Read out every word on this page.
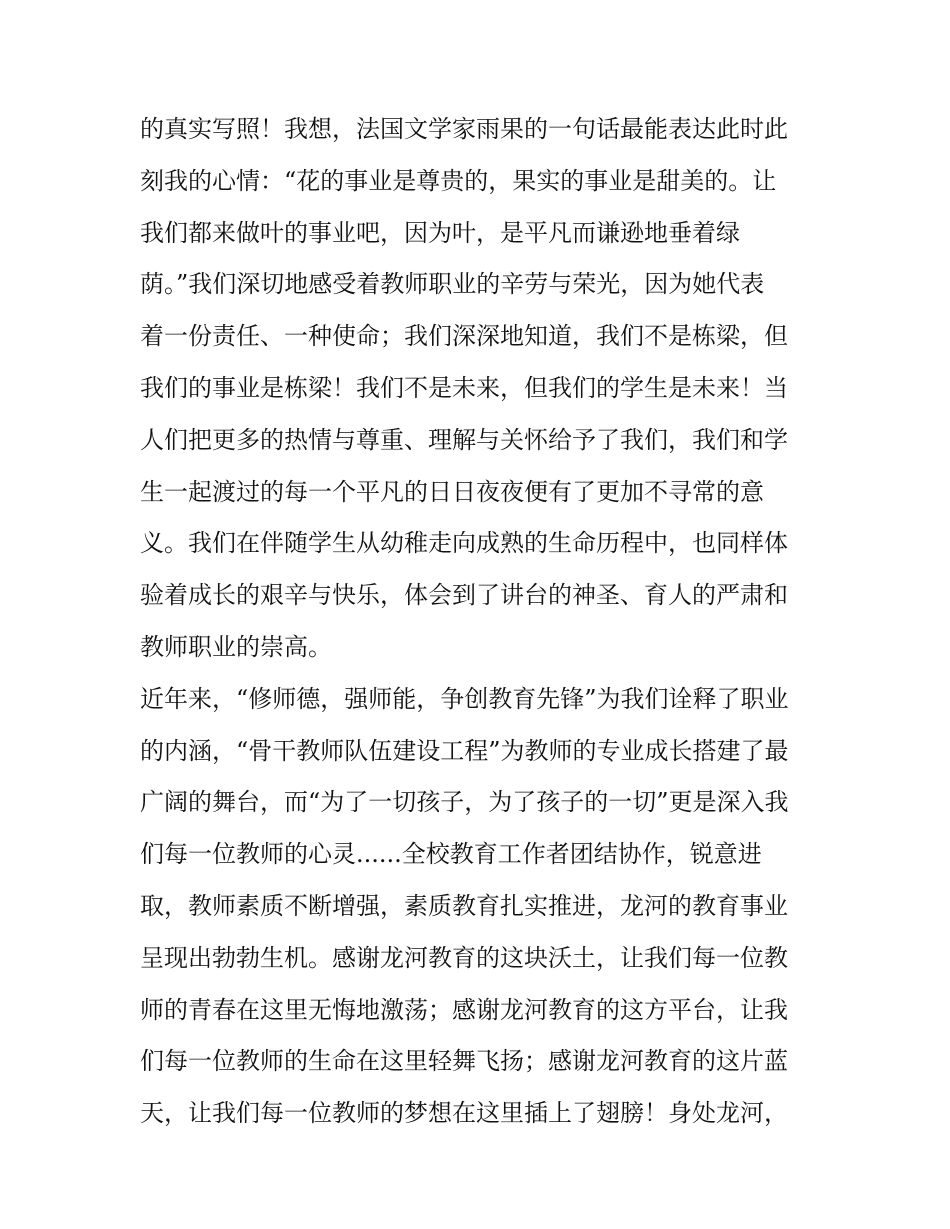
的真实写照！我想，法国文学家雨果的一句话最能表达此时此
刻我的心情：“花的事业是尊贵的，果实的事业是甜美的。让
我们都来做叶的事业吧，因为叶，是平凡而谦逊地垂着绿
荫。”我们深切地感受着教师职业的辛劳与荣光，因为她代表
着一份责任、一种使命；我们深深地知道，我们不是栋梁，但
我们的事业是栋梁！我们不是未来，但我们的学生是未来！当
人们把更多的热情与尊重、理解与关怀给予了我们，我们和学
生一起渡过的每一个平凡的日日夜夜便有了更加不寻常的意
义。我们在伴随学生从幼稚走向成熟的生命历程中，也同样体
验着成长的艰辛与快乐，体会到了讲台的神圣、育人的严肃和
教师职业的崇高。
近年来，“修师德，强师能，争创教育先锋”为我们诠释了职业
的内涵，“骨干教师队伍建设工程”为教师的专业成长搭建了最
广阔的舞台，而“为了一切孩子，为了孩子的一切”更是深入我
们每一位教师的心灵......全校教育工作者团结协作，锐意进
取，教师素质不断增强，素质教育扎实推进，龙河的教育事业
呈现出勃勃生机。感谢龙河教育的这块沃土，让我们每一位教
师的青春在这里无悔地激荡；感谢龙河教育的这方平台，让我
们每一位教师的生命在这里轻舞飞扬；感谢龙河教育的这片蓝
天，让我们每一位教师的梦想在这里插上了翅膀！身处龙河，
